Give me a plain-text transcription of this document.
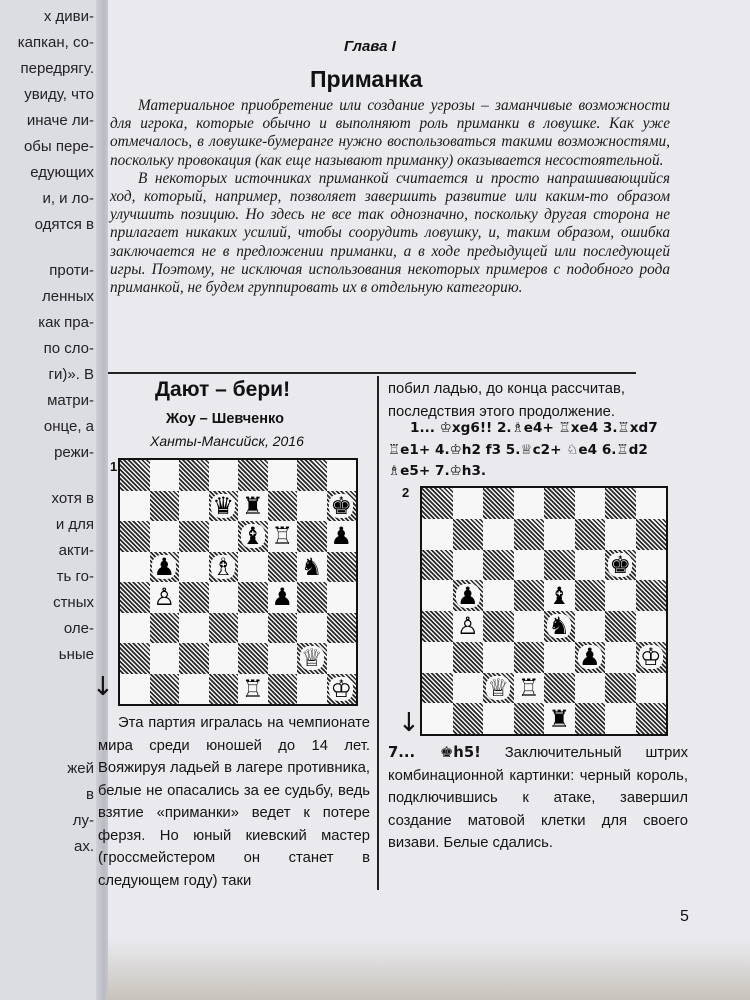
х диви-
капкан, со-
передрягу.
увиду, что
иначе ли-
обы пере-
едующих
и, и ло-
одятся в
проти-
ленных
как пра-
по сло-
ги)». В
матри-
онце, а
режи-
хотя в
и для
акти-
ть го-
стных
оле-
ьные
жей
в
лу-
ах.
Глава I
Приманка

Материальное приобретение или создание угрозы – заманчивые возможности для игрока, которые обычно и выполняют роль приманки в ловушке. Как уже отмечалось, в ловушке-бумеранге нужно воспользоваться такими возможностями, поскольку провокация (как еще называют приманку) оказывается несостоятельной.

В некоторых источниках приманкой считается и просто напрашивающийся ход, который, например, позволяет завершить развитие или каким-то образом улучшить позицию. Но здесь не все так однозначно, поскольку другая сторона не прилагает никаких усилий, чтобы соорудить ловушку, и, таким образом, ошибка заключается не в предложении приманки, а в ходе предыдущей или последующей игры. Поэтому, не исключая использования некоторых примеров с подобного рода приманкой, не будем группировать их в отдельную категорию.

Дают – бери!
Жоу – Шевченко
Ханты-Мансийск, 2016
1
♛ ♜	♚
♝ ♖ ♟
♟ ♗	♞
♙	♟
♕
♖	♔
↓
Эта партия игралась на чемпионате мира среди юношей до 14 лет. Вояжируя ладьей в лагере противника, белые не опасались за ее судьбу, ведь взятие «приманки» ведет к потере ферзя. Но юный киевский мастер (гроссмейстером он станет в следующем году) таки
побил ладью, до конца рассчитав, последствия этого продолжение.
1... ♔xg6!! 2.♗e4+ ♖xe4 3.♖xd7 ♖e1+ 4.♔h2 f3 5.♕c2+ ♘e4 6.♖d2 ♗e5+ 7.♔h3.
2
♚
♟	♝
♙	♞
♟ ♔
♕ ♖
♜
↓
7... ♚h5! Заключительный штрих комбинационной картинки: черный король, подключившись к атаке, завершил создание матовой клетки для своего визави. Белые сдались.
5
